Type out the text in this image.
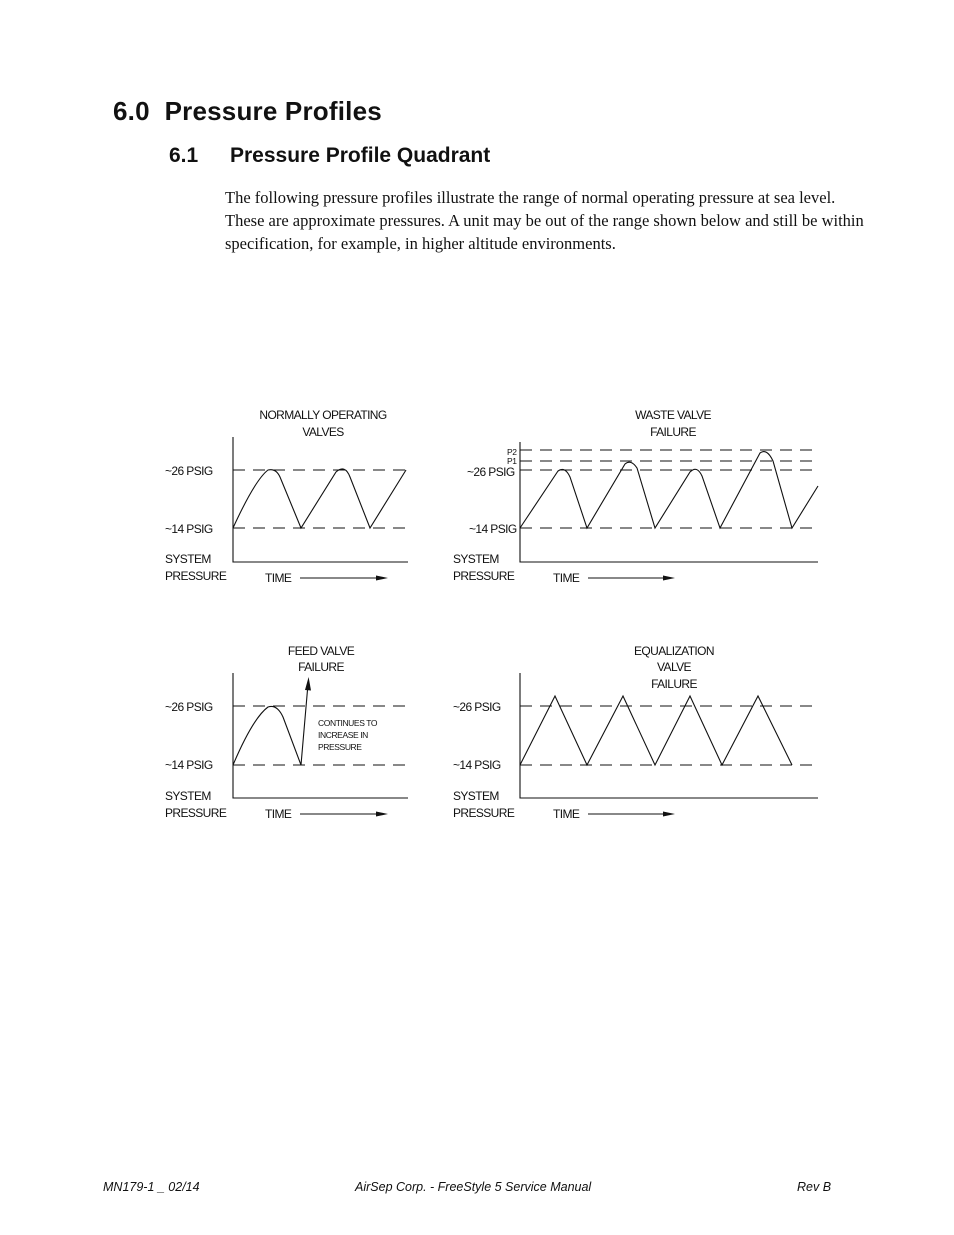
6.0 Pressure Profiles
6.1 Pressure Profile Quadrant

The following pressure profiles illustrate the range of normal operating pressure at sea level. These are approximate pressures. A unit may be out of the range shown below and still be within specification, for example, in higher altitude environments.

NORMALLY OPERATING
VALVES
~26 PSIG
~14 PSIG
SYSTEM
PRESSURE	TIME
WASTE VALVE
FAILURE
P2
P1
~26 PSIG
~14 PSIG
SYSTEM
PRESSURE	TIME
FEED VALVE
FAILURE
~26 PSIG
~14 PSIG
CONTINUES TO
INCREASE IN
PRESSURE
SYSTEM
PRESSURE	TIME
EQUALIZATION
VALVE
FAILURE
~26 PSIG
~14 PSIG
SYSTEM
PRESSURE	TIME

MN179-1 _ 02/14	AirSep Corp. - FreeStyle 5 Service Manual	Rev B
